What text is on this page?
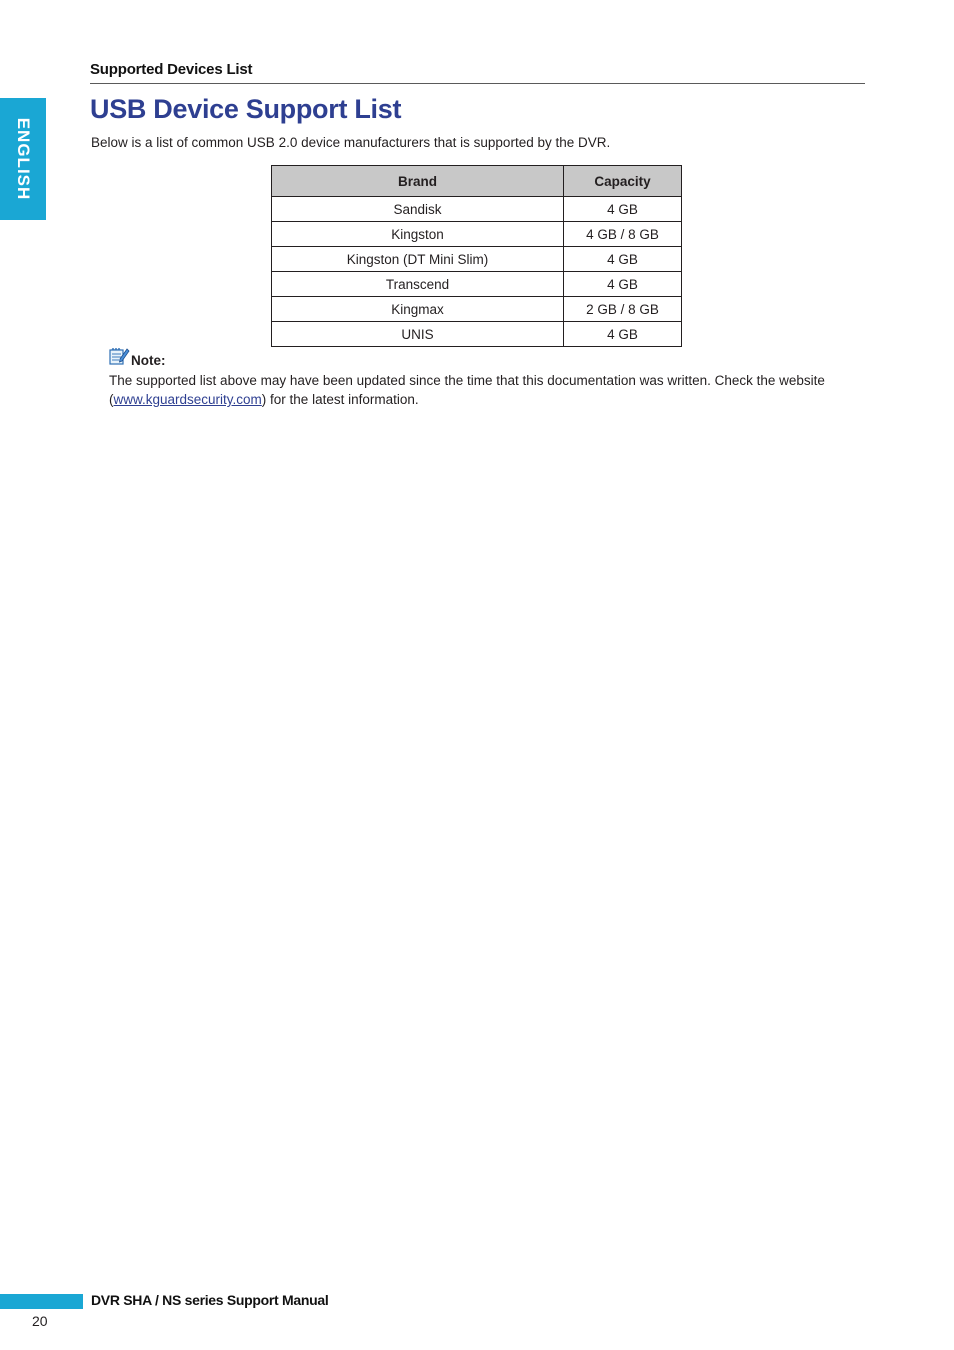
Supported Devices List
ENGLISH
USB Device Support List

Below is a list of common USB 2.0 device manufacturers that is supported by the DVR.

Brand	Capacity
Sandisk	4 GB
Kingston	4 GB / 8 GB
Kingston (DT Mini Slim)	4 GB
Transcend	4 GB
Kingmax	2 GB / 8 GB
UNIS	4 GB
Note:

The supported list above may have been updated since the time that this documentation was written. Check the website (www.kguardsecurity.com) for the latest information.

DVR SHA / NS series Support Manual
20
